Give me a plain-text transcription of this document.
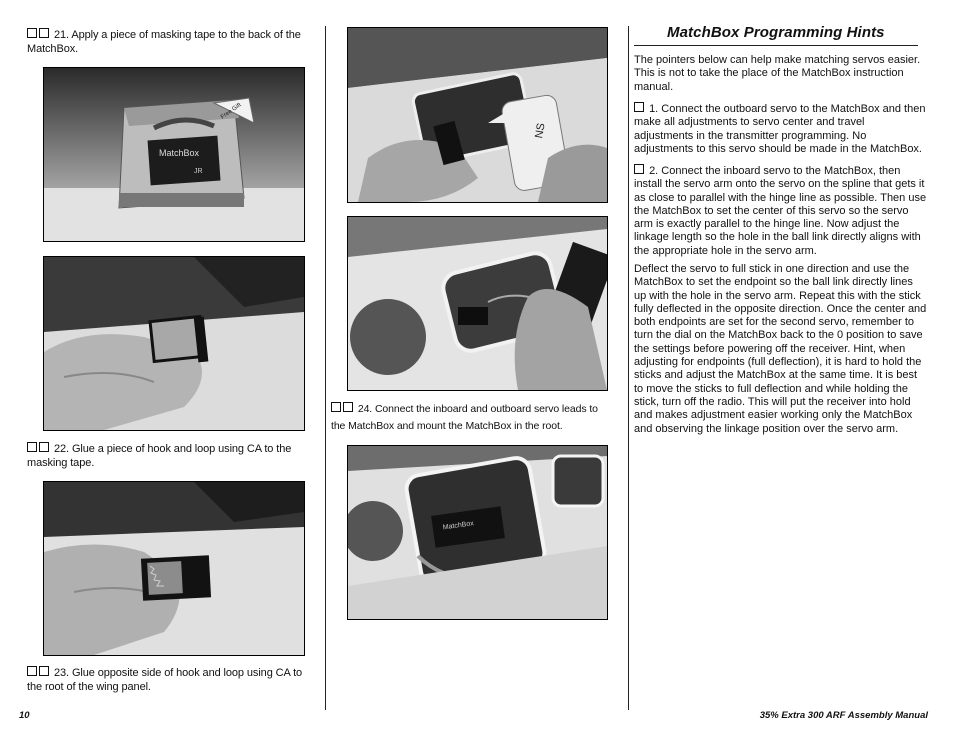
21. Apply a piece of masking tape to the back of the MatchBox.
MatchBox
JR
Free Gift
22. Glue a piece of hook and loop using CA to the masking tape.
23. Glue opposite side of hook and loop using CA to the root of the wing panel.
NS
24. Connect the inboard and outboard servo leads to the MatchBox and mount the MatchBox in the root.
MatchBox
MatchBox Programming Hints
The pointers below can help make matching servos easier. This is not to take the place of the MatchBox instruction manual.
1. Connect the outboard servo to the MatchBox and then make all adjustments to servo center and travel adjustments in the transmitter programming. No adjustments to this servo should be made in the MatchBox.
2. Connect the inboard servo to the MatchBox, then install the servo arm onto the servo on the spline that gets it as close to parallel with the hinge line as possible. Then use the MatchBox to set the center of this servo so the servo arm is exactly parallel to the hinge line. Now adjust the linkage length so the hole in the ball link directly aligns with the appropriate hole in the servo arm.
Deflect the servo to full stick in one direction and use the MatchBox to set the endpoint so the ball link directly lines up with the hole in the servo arm. Repeat this with the stick fully deflected in the opposite direction. Once the center and both endpoints are set for the second servo, remember to turn the dial on the MatchBox back to the 0 position to save the settings before powering off the receiver. Hint, when adjusting for endpoints (full deflection), it is hard to hold the sticks and adjust the MatchBox at the same time. It is best to move the sticks to full deflection and while holding the stick, turn off the radio. This will put the receiver into hold and makes adjustment easier working only the MatchBox and observing the linkage position over the servo arm.
10	35% Extra 300 ARF Assembly Manual
